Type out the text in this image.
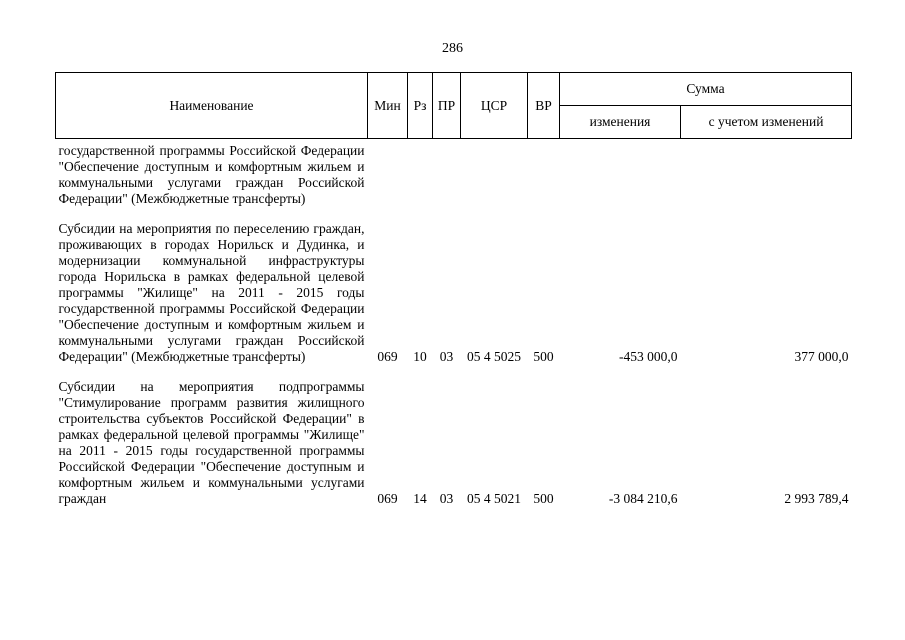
286
Наименование	Мин	Рз	ПР	ЦСР	ВР	Сумма	
						изменения	с учетом изменений
государственной программы Российской Федерации "Обеспечение доступным и комфортным жильем и коммунальными услугами граждан Российской Федерации" (Межбюджетные трансферты)							
Субсидии на мероприятия по переселению граждан, проживающих в городах Норильск и Дудинка, и модернизации коммунальной инфраструктуры города Норильска в рамках федеральной целевой программы "Жилище" на 2011 - 2015 годы государственной программы Российской Федерации "Обеспечение доступным и комфортным жильем и коммунальными услугами граждан Российской Федерации" (Межбюджетные трансферты)	069	10	03	05 4 5025	500	-453 000,0	377 000,0
Субсидии на мероприятия подпрограммы "Стимулирование программ развития жилищного строительства субъектов Российской Федерации" в рамках федеральной целевой программы "Жилище" на 2011 - 2015 годы государственной программы Российской Федерации "Обеспечение доступным и комфортным жильем и коммунальными услугами граждан	069	14	03	05 4 5021	500	-3 084 210,6	2 993 789,4
